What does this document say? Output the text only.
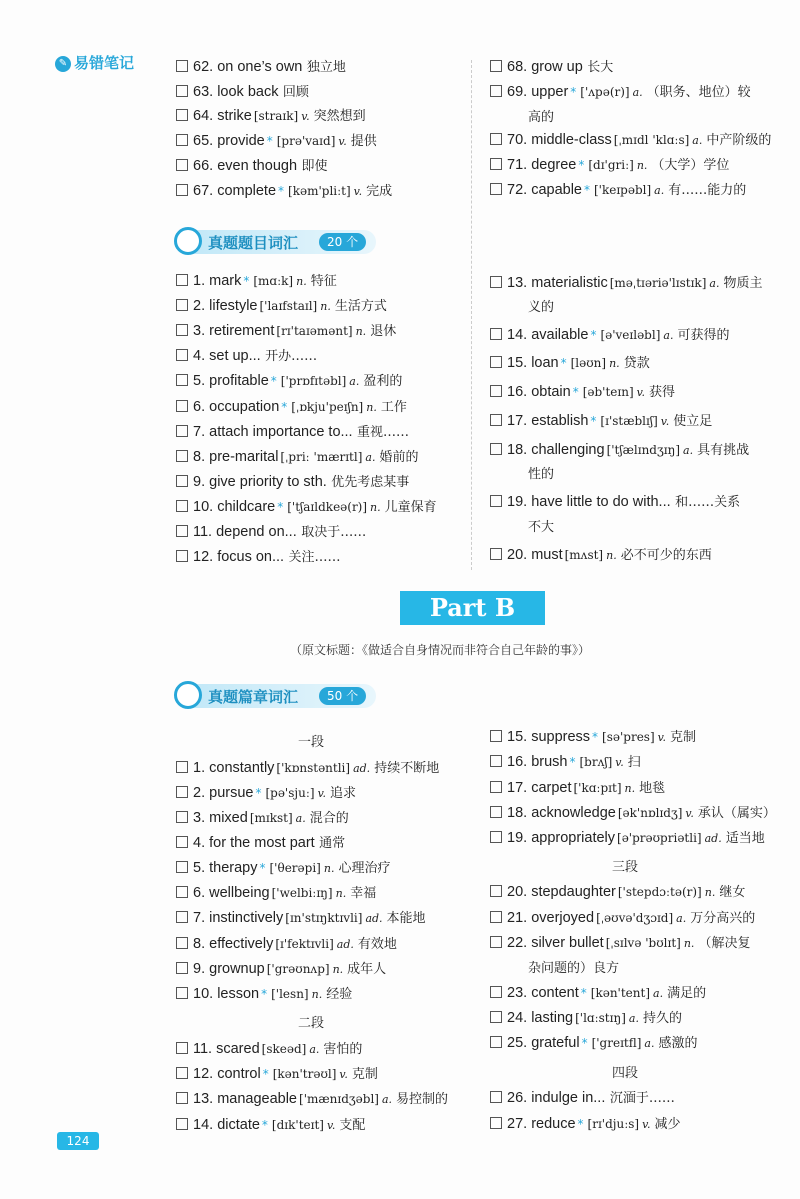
✎ 易错笔记
真题题目词汇	20 个
Part B
（原文标题：《做适合自身情况而非符合自己年龄的事》）
真题篇章词汇	50 个
一段
二段
三段
四段
62. on one’s own 独立地
63. look back 回顾
64. strike [straɪk] v. 突然想到
65. provide * [prə'vaɪd] v. 提供
66. even though 即使
67. complete * [kəm'pliːt] v. 完成
68. grow up 长大
69. upper * ['ʌpə(r)] a. （职务、地位）较
高的
70. middle-class [ˌmɪdl 'klɑːs] a. 中产阶级的
71. degree * [dɪ'griː] n. （大学）学位
72. capable * ['keɪpəbl] a. 有……能力的
1. mark * [mɑːk] n. 特征
2. lifestyle ['laɪfstaɪl] n. 生活方式
3. retirement [rɪ'taɪəmənt] n. 退休
4. set up... 开办……
5. profitable * ['prɒfɪtəbl] a. 盈利的
6. occupation * [ˌɒkju'peɪʃn] n. 工作
7. attach importance to... 重视……
8. pre-marital [ˌpriː 'mærɪtl] a. 婚前的
9. give priority to sth. 优先考虑某事
10. childcare * ['tʃaɪldkeə(r)] n. 儿童保育
11. depend on... 取决于……
12. focus on... 关注……
13. materialistic [məˌtɪəriə'lɪstɪk] a. 物质主
义的
14. available * [ə'veɪləbl] a. 可获得的
15. loan * [ləʊn] n. 贷款
16. obtain * [əb'teɪn] v. 获得
17. establish * [ɪ'stæblɪʃ] v. 使立足
18. challenging ['tʃælɪndʒɪŋ] a. 具有挑战
性的
19. have little to do with... 和……关系
不大
20. must [mʌst] n. 必不可少的东西
1. constantly ['kɒnstəntli] ad. 持续不断地
2. pursue * [pə'sjuː] v. 追求
3. mixed [mɪkst] a. 混合的
4. for the most part 通常
5. therapy * ['θerəpi] n. 心理治疗
6. wellbeing ['welbiːɪŋ] n. 幸福
7. instinctively [ɪn'stɪŋktɪvli] ad. 本能地
8. effectively [ɪ'fektɪvli] ad. 有效地
9. grownup ['grəʊnʌp] n. 成年人
10. lesson * ['lesn] n. 经验
11. scared [skeəd] a. 害怕的
12. control * [kən'trəʊl] v. 克制
13. manageable ['mænɪdʒəbl] a. 易控制的
14. dictate * [dɪk'teɪt] v. 支配
15. suppress * [sə'pres] v. 克制
16. brush * [brʌʃ] v. 扫
17. carpet ['kɑːpɪt] n. 地毯
18. acknowledge [ək'nɒlɪdʒ] v. 承认（属实）
19. appropriately [ə'prəʊpriətli] ad. 适当地
20. stepdaughter ['stepdɔːtə(r)] n. 继女
21. overjoyed [ˌəʊvə'dʒɔɪd] a. 万分高兴的
22. silver bullet [ˌsɪlvə 'bʊlɪt] n. （解决复
杂问题的）良方
23. content * [kən'tent] a. 满足的
24. lasting ['lɑːstɪŋ] a. 持久的
25. grateful * ['greɪtfl] a. 感激的
26. indulge in... 沉湎于……
27. reduce * [rɪ'djuːs] v. 减少
124
